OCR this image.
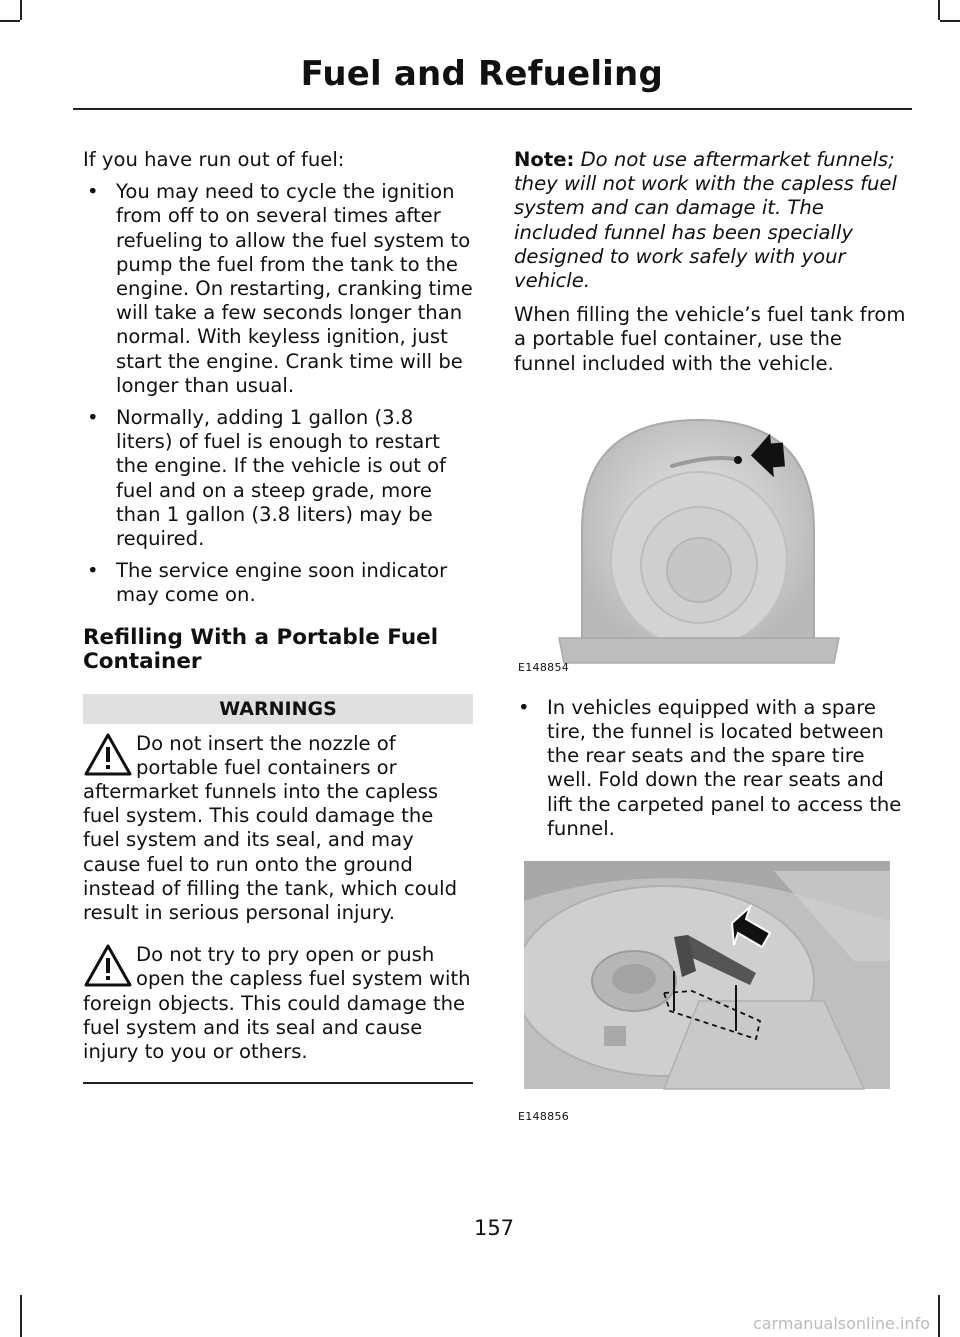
Fuel and Refueling

If you have run out of fuel:

• You may need to cycle the ignition from off to on several times after refueling to allow the fuel system to pump the fuel from the tank to the engine. On restarting, cranking time will take a few seconds longer than normal. With keyless ignition, just start the engine. Crank time will be longer than usual.
• Normally, adding 1 gallon (3.8 liters) of fuel is enough to restart the engine. If the vehicle is out of fuel and on a steep grade, more than 1 gallon (3.8 liters) may be required.
• The service engine soon indicator may come on.
Refilling With a Portable Fuel Container
WARNINGS
Do not insert the nozzle of portable fuel containers or aftermarket funnels into the capless fuel system. This could damage the fuel system and its seal, and may cause fuel to run onto the ground instead of filling the tank, which could result in serious personal injury.
Do not try to pry open or push open the capless fuel system with foreign objects. This could damage the fuel system and its seal and cause injury to you or others.

Note: Do not use aftermarket funnels; they will not work with the capless fuel system and can damage it. The included funnel has been specially designed to work safely with your vehicle.

When filling the vehicle’s fuel tank from a portable fuel container, use the funnel included with the vehicle.

E148854
• In vehicles equipped with a spare tire, the funnel is located between the rear seats and the spare tire well. Fold down the rear seats and lift the carpeted panel to access the funnel.
E148856
157
carmanualsonline.info
